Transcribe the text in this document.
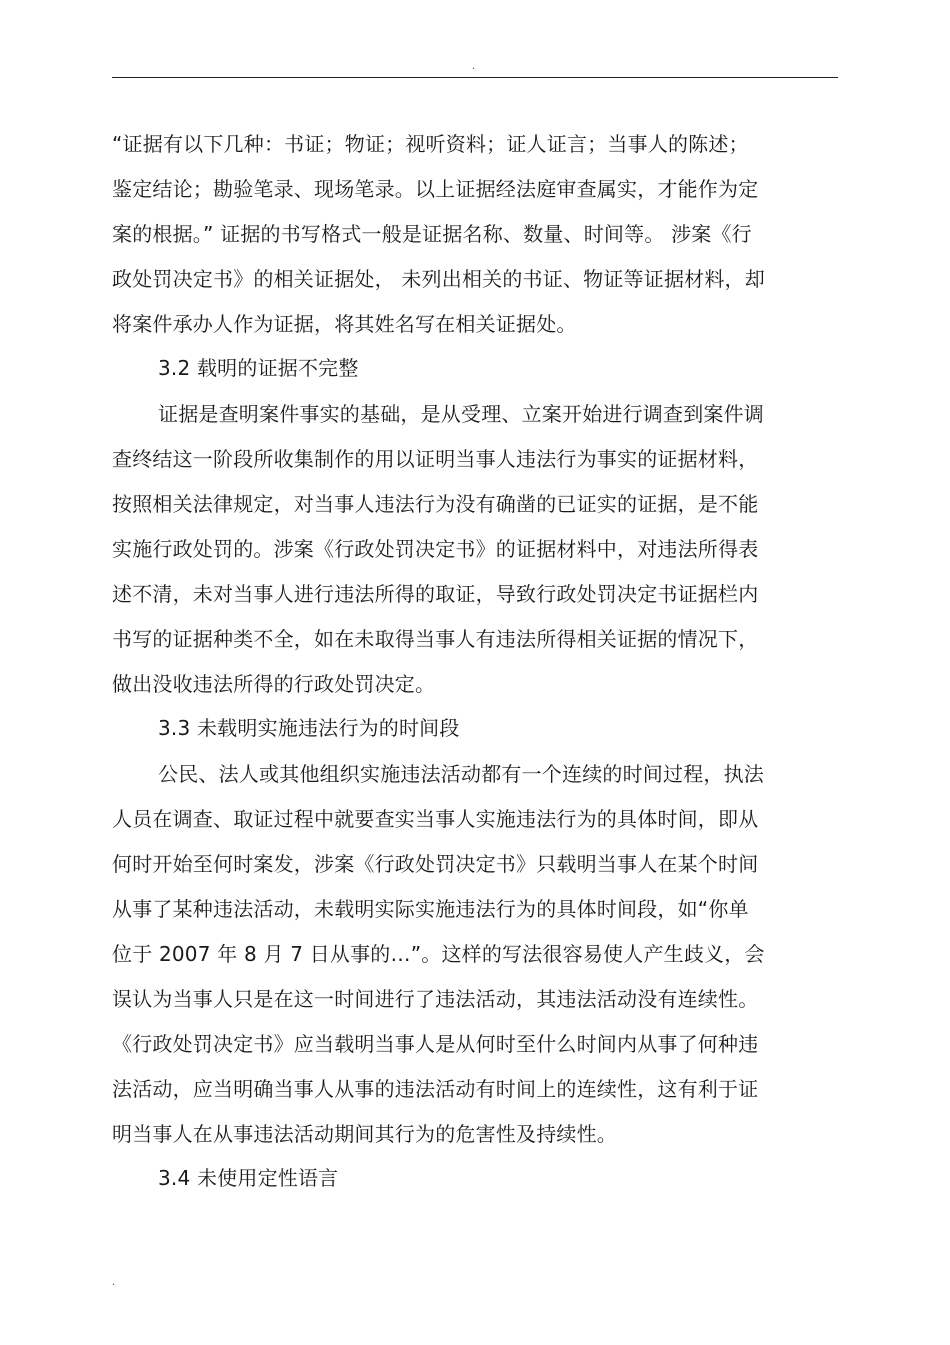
.
“证据有以下几种：书证；物证；视听资料；证人证言；当事人的陈述；
鉴定结论；勘验笔录、现场笔录。以上证据经法庭审查属实，才能作为定
案的根据。” 证据的书写格式一般是证据名称、数量、时间等。 涉案《行
政处罚决定书》的相关证据处， 未列出相关的书证、物证等证据材料，却
将案件承办人作为证据，将其姓名写在相关证据处。
3.2 载明的证据不完整
证据是查明案件事实的基础，是从受理、立案开始进行调查到案件调
查终结这一阶段所收集制作的用以证明当事人违法行为事实的证据材料，
按照相关法律规定，对当事人违法行为没有确凿的已证实的证据，是不能
实施行政处罚的。涉案《行政处罚决定书》的证据材料中，对违法所得表
述不清，未对当事人进行违法所得的取证，导致行政处罚决定书证据栏内
书写的证据种类不全，如在未取得当事人有违法所得相关证据的情况下，
做出没收违法所得的行政处罚决定。
3.3 未载明实施违法行为的时间段
公民、法人或其他组织实施违法活动都有一个连续的时间过程，执法
人员在调查、取证过程中就要查实当事人实施违法行为的具体时间，即从
何时开始至何时案发，涉案《行政处罚决定书》只载明当事人在某个时间
从事了某种违法活动，未载明实际实施违法行为的具体时间段，如“你单
位于 2007 年 8 月 7 日从事的…”。这样的写法很容易使人产生歧义，会
误认为当事人只是在这一时间进行了违法活动，其违法活动没有连续性。
《行政处罚决定书》应当载明当事人是从何时至什么时间内从事了何种违
法活动，应当明确当事人从事的违法活动有时间上的连续性，这有利于证
明当事人在从事违法活动期间其行为的危害性及持续性。
3.4 未使用定性语言
.
